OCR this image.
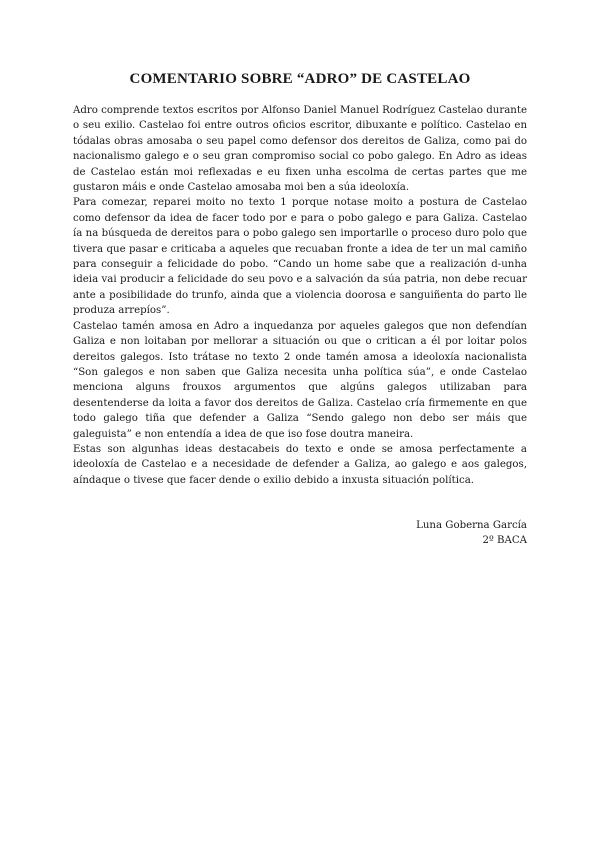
COMENTARIO SOBRE “ADRO” DE CASTELAO

Adro comprende textos escritos por Alfonso Daniel Manuel Rodríguez Castelao durante o seu exilio. Castelao foi entre outros oficios escritor, dibuxante e político. Castelao en tódalas obras amosaba o seu papel como defensor dos dereitos de Galiza, como pai do nacionalismo galego e o seu gran compromiso social co pobo galego. En Adro as ideas de Castelao están moi reflexadas e eu fixen unha escolma de certas partes que me gustaron máis e onde Castelao amosaba moi ben a súa ideoloxía.

Para comezar, reparei moito no texto 1 porque notase moito a postura de Castelao como defensor da idea de facer todo por e para o pobo galego e para Galiza. Castelao ía na búsqueda de dereitos para o pobo galego sen importarlle o proceso duro polo que tivera que pasar e criticaba a aqueles que recuaban fronte a idea de ter un mal camiño para conseguir a felicidade do pobo. “Cando un home sabe que a realización d-unha ideia vai producir a felicidade do seu povo e a salvación da súa patria, non debe recuar ante a posibilidade do trunfo, ainda que a violencia doorosa e sanguiñenta do parto lle produza arrepíos”.

Castelao tamén amosa en Adro a inquedanza por aqueles galegos que non defendían Galiza e non loitaban por mellorar a situación ou que o critican a él por loitar polos dereitos galegos. Isto trátase no texto 2 onde tamén amosa a ideoloxía nacionalista “Son galegos e non saben que Galiza necesita unha política súa”, e onde Castelao menciona alguns frouxos argumentos que algúns galegos utilizaban para desentenderse da loita a favor dos dereitos de Galiza. Castelao cría firmemente en que todo galego tiña que defender a Galiza “Sendo galego non debo ser máis que galeguista” e non entendía a idea de que iso fose doutra maneira.

Estas son algunhas ideas destacabeis do texto e onde se amosa perfectamente a ideoloxía de Castelao e a necesidade de defender a Galiza, ao galego e aos galegos, aíndaque o tivese que facer dende o exilio debido a inxusta situación política.

Luna Goberna García
2º BACA
